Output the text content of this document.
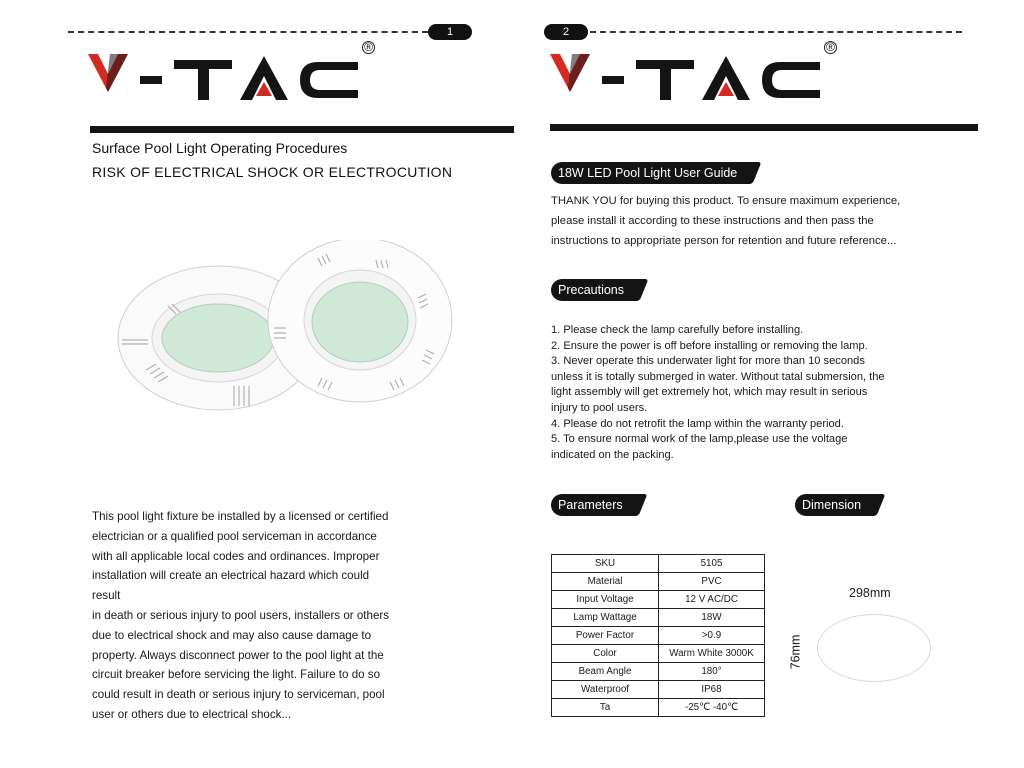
1
®
Surface Pool Light Operating Procedures
RISK OF ELECTRICAL SHOCK OR ELECTROCUTION
This pool light fixture be installed by a licensed or certified
electrician or a qualified pool serviceman in accordance
with all applicable local codes and ordinances. Improper
installation will create an electrical hazard which could
result
in death or serious injury to pool users, installers or others
due to electrical shock and may also cause damage to
property. Always disconnect power to the pool light at the
circuit breaker before servicing the light. Failure to do so
could result in death or serious injury to serviceman, pool
user or others due to electrical shock...
2
®
18W LED Pool Light User Guide
THANK YOU for buying this product. To ensure maximum experience,
please install it according to these instructions and then pass the
instructions to appropriate person for retention and future reference...
Precautions
1. Please check the lamp carefully before installing.
2. Ensure the power is off before installing or removing the lamp.
3. Never operate this underwater light for more than 10 seconds
unless it is totally submerged in water. Without tatal submersion, the
light assembly will get extremely hot, which may result in serious
injury to pool users.
4. Please do not retrofit the lamp within the warranty period.
5. To ensure normal work of the lamp,please use the voltage
indicated on the packing.
Parameters	Dimension
SKU	5105
Material	PVC
Input Voltage	12 V AC/DC
Lamp Wattage	18W
Power Factor	>0.9
Color	Warm White 3000K
Beam Angle	180°
Waterproof	IP68
Ta	-25℃ -40℃
298mm
76mm
